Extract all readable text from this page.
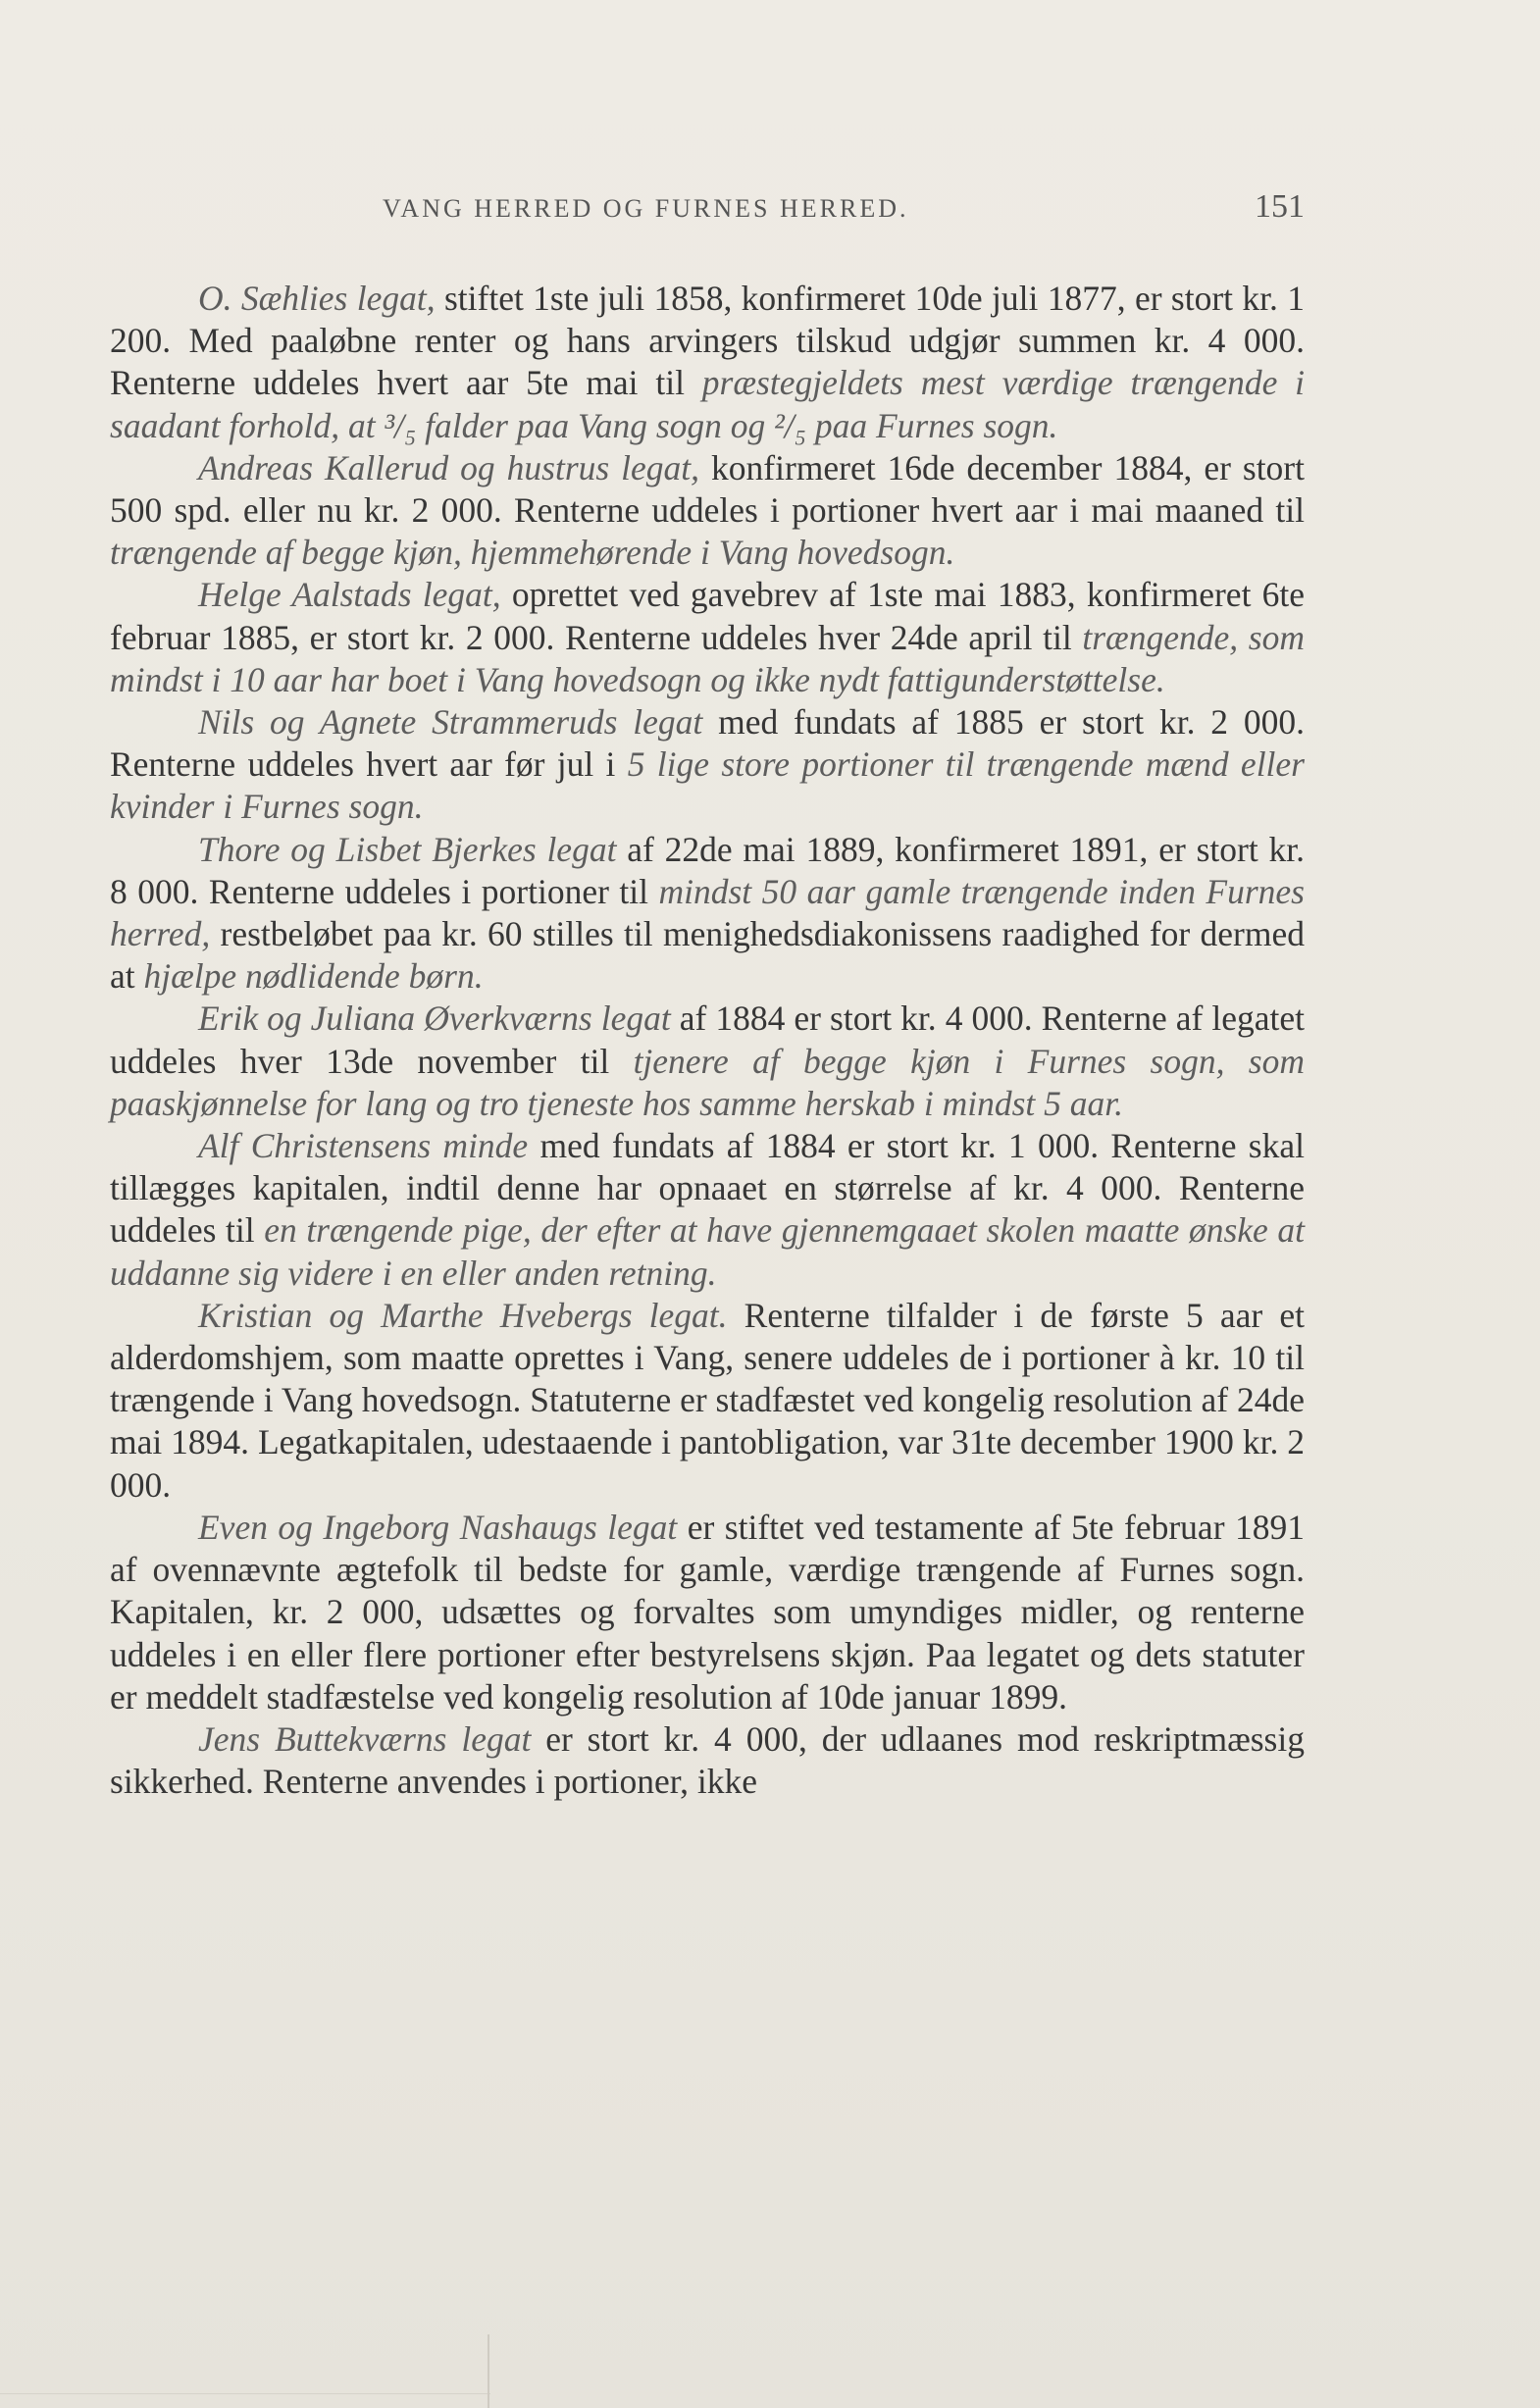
VANG HERRED OG FURNES HERRED.	151

O. Sæhlies legat, stiftet 1ste juli 1858, konfirmeret 10de juli 1877, er stort kr. 1 200. Med paaløbne renter og hans arvingers tilskud udgjør summen kr. 4 000. Renterne uddeles hvert aar 5te mai til præstegjeldets mest værdige trængende i saadant forhold, at ³/₅ falder paa Vang sogn og ²/₅ paa Furnes sogn.

Andreas Kallerud og hustrus legat, konfirmeret 16de december 1884, er stort 500 spd. eller nu kr. 2 000. Renterne uddeles i portioner hvert aar i mai maaned til trængende af begge kjøn, hjemmehørende i Vang hovedsogn.

Helge Aalstads legat, oprettet ved gavebrev af 1ste mai 1883, konfirmeret 6te februar 1885, er stort kr. 2 000. Renterne uddeles hver 24de april til trængende, som mindst i 10 aar har boet i Vang hovedsogn og ikke nydt fattigunderstøttelse.

Nils og Agnete Strammeruds legat med fundats af 1885 er stort kr. 2 000. Renterne uddeles hvert aar før jul i 5 lige store portioner til trængende mænd eller kvinder i Furnes sogn.

Thore og Lisbet Bjerkes legat af 22de mai 1889, konfirmeret 1891, er stort kr. 8 000. Renterne uddeles i portioner til mindst 50 aar gamle trængende inden Furnes herred, restbeløbet paa kr. 60 stilles til menighedsdiakonissens raadighed for dermed at hjælpe nødlidende børn.

Erik og Juliana Øverkværns legat af 1884 er stort kr. 4 000. Renterne af legatet uddeles hver 13de november til tjenere af begge kjøn i Furnes sogn, som paaskjønnelse for lang og tro tjeneste hos samme herskab i mindst 5 aar.

Alf Christensens minde med fundats af 1884 er stort kr. 1 000. Renterne skal tillægges kapitalen, indtil denne har opnaaet en størrelse af kr. 4 000. Renterne uddeles til en trængende pige, der efter at have gjennemgaaet skolen maatte ønske at uddanne sig videre i en eller anden retning.

Kristian og Marthe Hvebergs legat. Renterne tilfalder i de første 5 aar et alderdomshjem, som maatte oprettes i Vang, senere uddeles de i portioner à kr. 10 til trængende i Vang hovedsogn. Statuterne er stadfæstet ved kongelig resolution af 24de mai 1894. Legatkapitalen, udestaaende i pantobligation, var 31te december 1900 kr. 2 000.

Even og Ingeborg Nashaugs legat er stiftet ved testamente af 5te februar 1891 af ovennævnte ægtefolk til bedste for gamle, værdige trængende af Furnes sogn. Kapitalen, kr. 2 000, udsættes og forvaltes som umyndiges midler, og renterne uddeles i en eller flere portioner efter bestyrelsens skjøn. Paa legatet og dets statuter er meddelt stadfæstelse ved kongelig resolution af 10de januar 1899.

Jens Buttekværns legat er stort kr. 4 000, der udlaanes mod reskriptmæssig sikkerhed. Renterne anvendes i portioner, ikke
